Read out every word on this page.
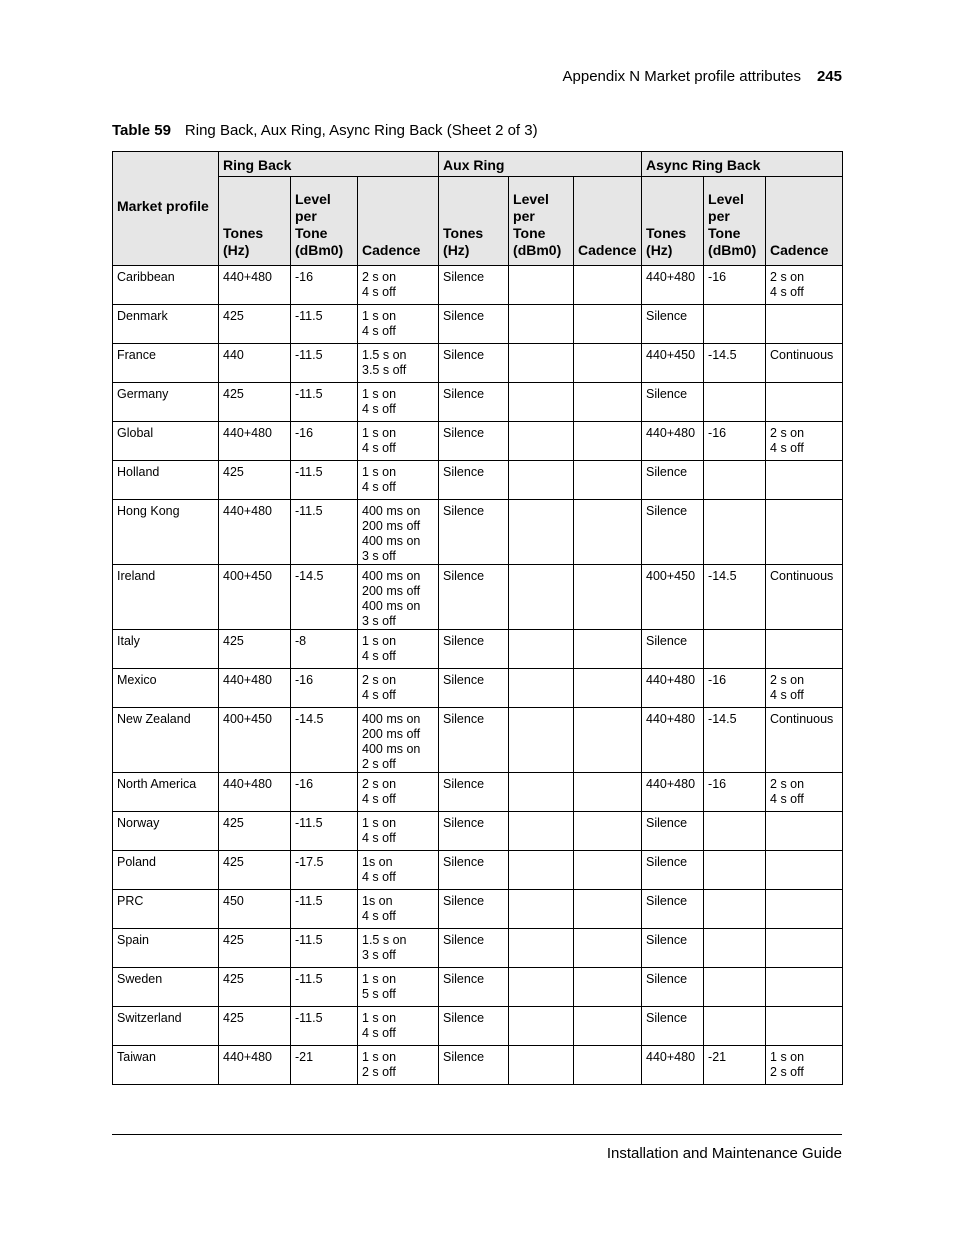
Appendix N Market profile attributes 245
Table 59 Ring Back, Aux Ring, Async Ring Back (Sheet 2 of 3)
Market profile	Ring Back			Aux Ring			Async Ring Back		
	Tones (Hz)	Level per Tone (dBm0)	Cadence	Tones (Hz)	Level per Tone (dBm0)	Cadence	Tones (Hz)	Level per Tone (dBm0)	Cadence
Caribbean	440+480	-16	2 s on
4 s off	Silence			440+480	-16	2 s on
4 s off
Denmark	425	-11.5	1 s on
4 s off	Silence			Silence		
France	440	-11.5	1.5 s on
3.5 s off	Silence			440+450	-14.5	Continuous
Germany	425	-11.5	1 s on
4 s off	Silence			Silence		
Global	440+480	-16	1 s on
4 s off	Silence			440+480	-16	2 s on
4 s off
Holland	425	-11.5	1 s on
4 s off	Silence			Silence		
Hong Kong	440+480	-11.5	400 ms on
200 ms off
400 ms on
3 s off	Silence			Silence		
Ireland	400+450	-14.5	400 ms on
200 ms off
400 ms on
3 s off	Silence			400+450	-14.5	Continuous
Italy	425	-8	1 s on
4 s off	Silence			Silence		
Mexico	440+480	-16	2 s on
4 s off	Silence			440+480	-16	2 s on
4 s off
New Zealand	400+450	-14.5	400 ms on
200 ms off
400 ms on
2 s off	Silence			440+480	-14.5	Continuous
North America	440+480	-16	2 s on
4 s off	Silence			440+480	-16	2 s on
4 s off
Norway	425	-11.5	1 s on
4 s off	Silence			Silence		
Poland	425	-17.5	1s on
4 s off	Silence			Silence		
PRC	450	-11.5	1s on
4 s off	Silence			Silence		
Spain	425	-11.5	1.5 s on
3 s off	Silence			Silence		
Sweden	425	-11.5	1 s on
5 s off	Silence			Silence		
Switzerland	425	-11.5	1 s on
4 s off	Silence			Silence		
Taiwan	440+480	-21	1 s on
2 s off	Silence			440+480	-21	1 s on
2 s off
Installation and Maintenance Guide
